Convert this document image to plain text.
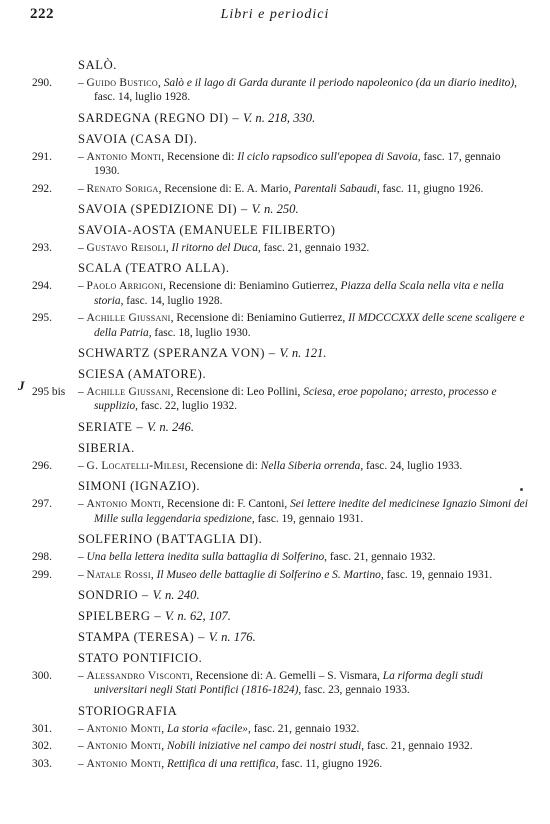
222	Libri e periodici
J
SALÒ.
290. – Guido Bustico, Salò e il lago di Garda durante il periodo napoleonico (da un diario inedito), fasc. 14, luglio 1928.
SARDEGNA (REGNO DI) – V. n. 218, 330.
SAVOIA (CASA DI).
291. – Antonio Monti, Recensione di: Il ciclo rapsodico sull'epopea di Savoia, fasc. 17, gennaio 1930.
292. – Renato Soriga, Recensione di: E. A. Mario, Parentali Sabaudi, fasc. 11, giugno 1926.
SAVOIA (SPEDIZIONE DI) – V. n. 250.
SAVOIA-AOSTA (EMANUELE FILIBERTO)
293. – Gustavo Reisoli, Il ritorno del Duca, fasc. 21, gennaio 1932.
SCALA (TEATRO ALLA).
294. – Paolo Arrigoni, Recensione di: Beniamino Gutierrez, Piazza della Scala nella vita e nella storia, fasc. 14, luglio 1928.
295. – Achille Giussani, Recensione di: Beniamino Gutierrez, Il MDCCCXXX delle scene scaligere e della Patria, fasc. 18, luglio 1930.
SCHWARTZ (SPERANZA VON) – V. n. 121.
SCIESA (AMATORE).
295 bis – Achille Giussani, Recensione di: Leo Pollini, Sciesa, eroe popolano; arresto, processo e supplizio, fasc. 22, luglio 1932.
SERIATE – V. n. 246.
SIBERIA.
296. – G. Locatelli-Milesi, Recensione di: Nella Siberia orrenda, fasc. 24, luglio 1933.
SIMONI (IGNAZIO).
297. – Antonio Monti, Recensione di: F. Cantoni, Sei lettere inedite del medicinese Ignazio Simoni dei Mille sulla leggendaria spedizione, fasc. 19, gennaio 1931.
SOLFERINO (BATTAGLIA DI).
298. – Una bella lettera inedita sulla battaglia di Solferino, fasc. 21, gennaio 1932.
299. – Natale Rossi, Il Museo delle battaglie di Solferino e S. Martino, fasc. 19, gennaio 1931.
SONDRIO – V. n. 240.
SPIELBERG – V. n. 62, 107.
STAMPA (TERESA) – V. n. 176.
STATO PONTIFICIO.
300. – Alessandro Visconti, Recensione di: A. Gemelli – S. Vismara, La riforma degli studi universitari negli Stati Pontifici (1816-1824), fasc. 23, gennaio 1933.
STORIOGRAFIA
301. – Antonio Monti, La storia «facile», fasc. 21, gennaio 1932.
302. – Antonio Monti, Nobili iniziative nel campo dei nostri studi, fasc. 21, gennaio 1932.
303. – Antonio Monti, Rettifica di una rettifica, fasc. 11, giugno 1926.
